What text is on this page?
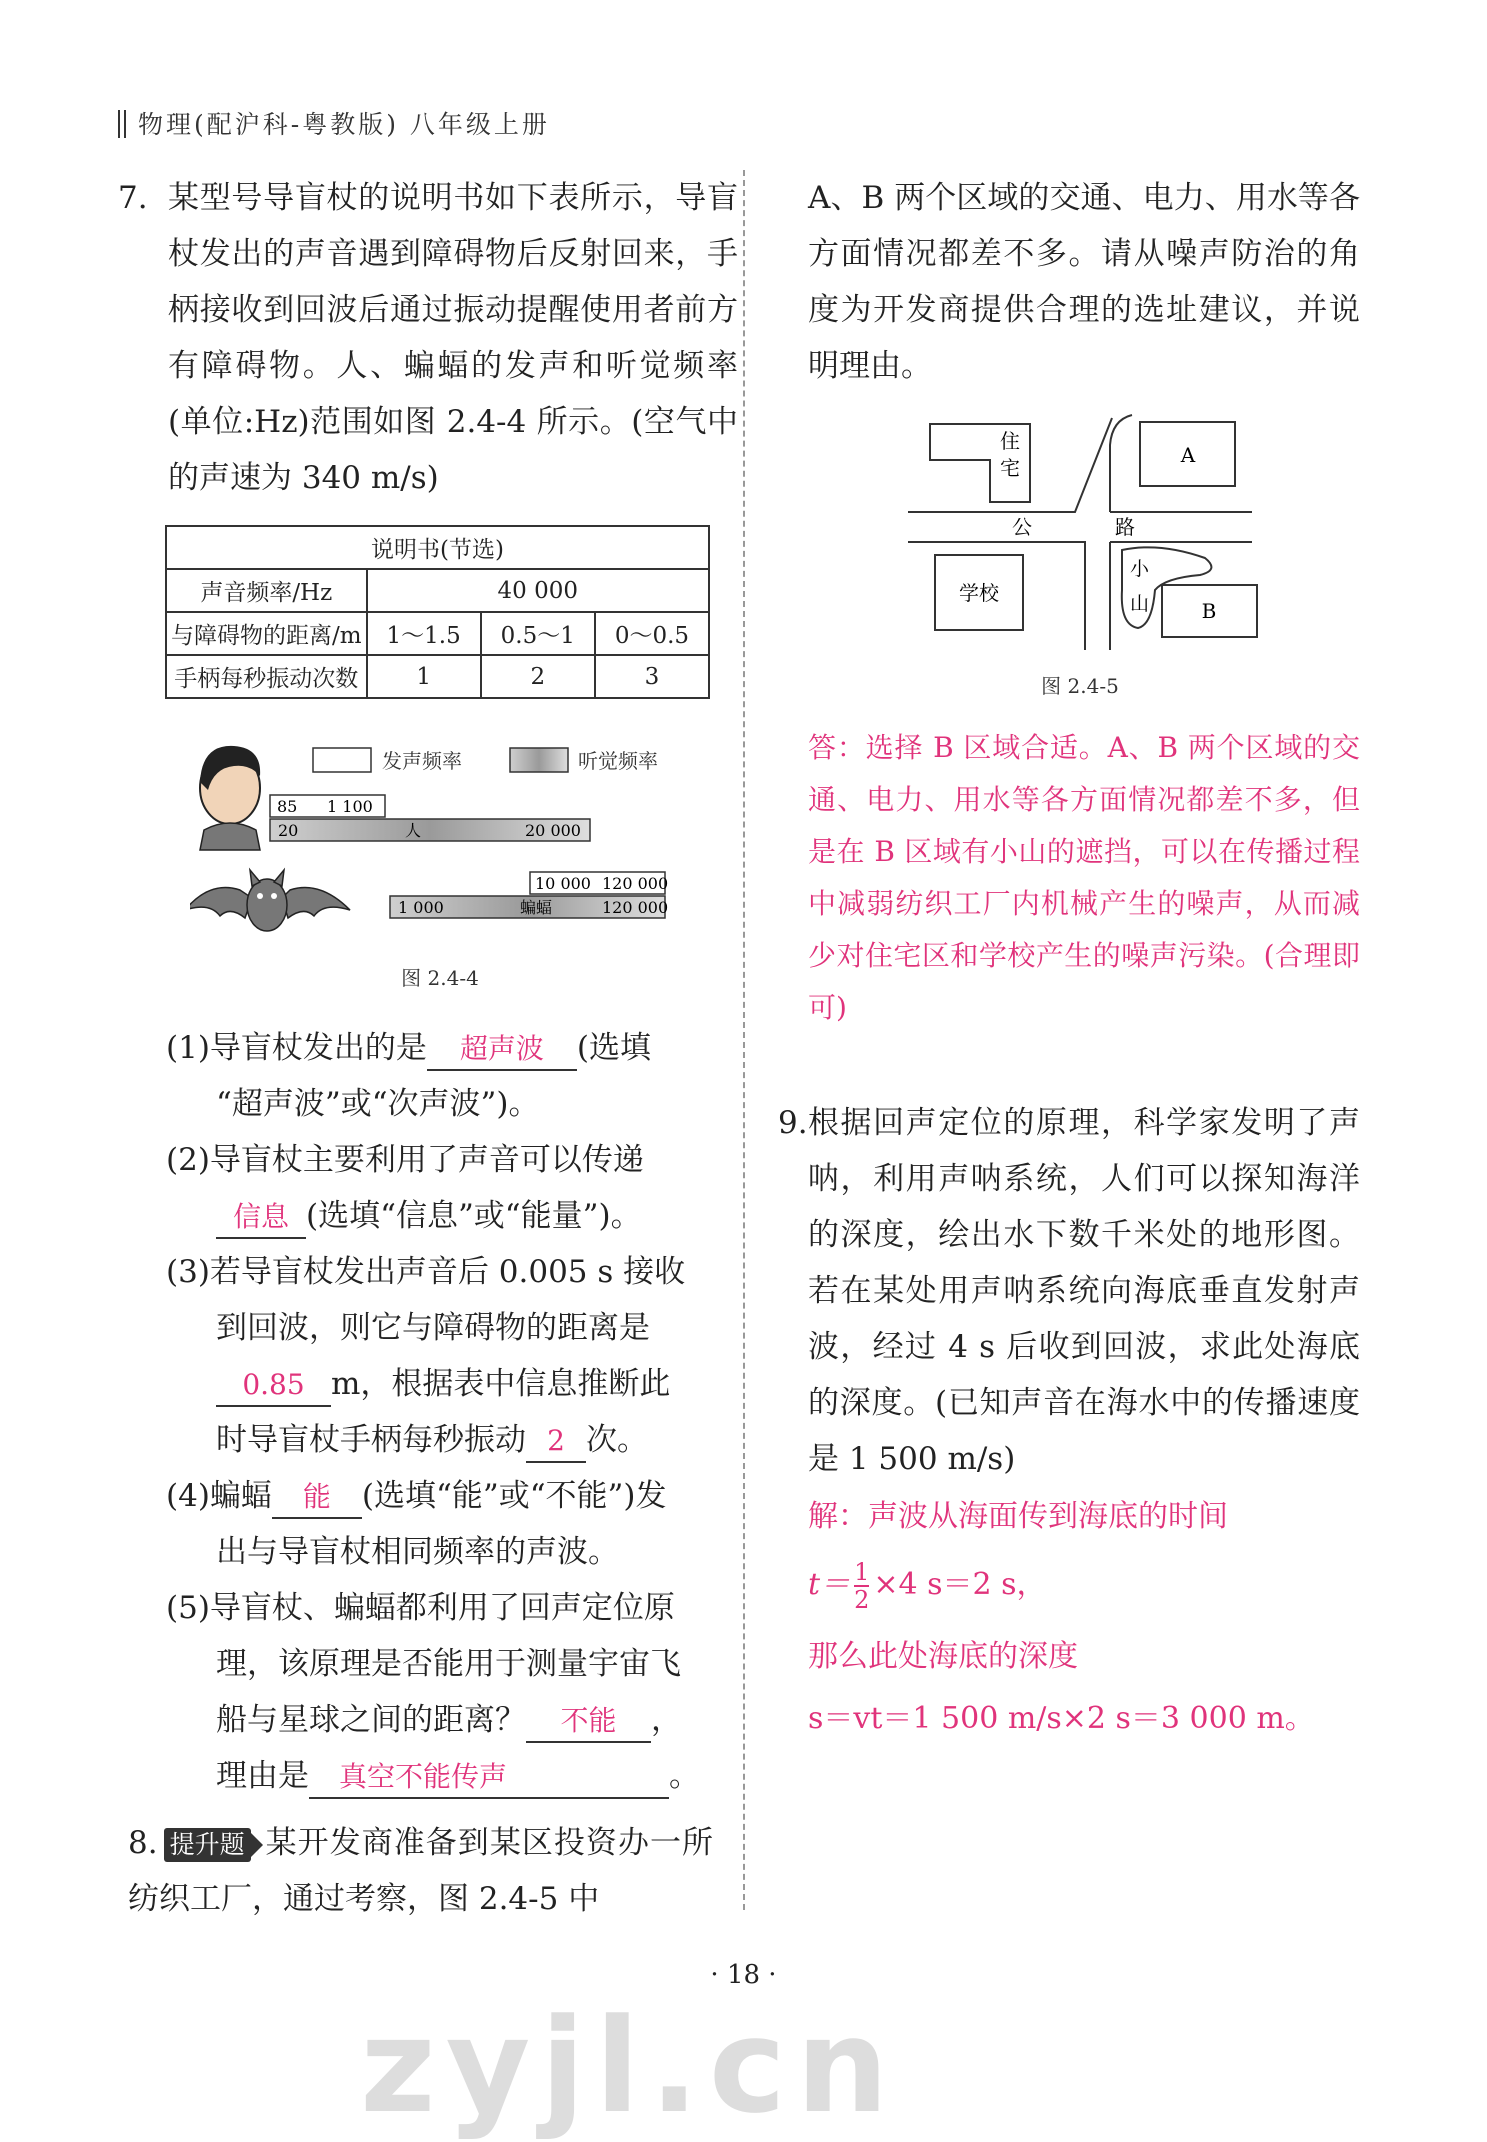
物理(配沪科-粤教版) 八年级上册
7. 某型号导盲杖的说明书如下表所示，导盲杖发出的声音遇到障碍物后反射回来，手柄接收到回波后通过振动提醒使用者前方有障碍物。人、蝙蝠的发声和听觉频率(单位:Hz)范围如图 2.4-4 所示。(空气中的声速为 340 m/s)

说明书(节选)			
声音频率/Hz	40 000		
与障碍物的距离/m	1～1.5	0.5～1	0～0.5
手柄每秒振动次数	1	2	3
发声频率	听觉频率
85 1 100
20	人	20 000
10 000 120 000
1 000	蝙蝠	120 000
图 2.4-4

(1)导盲杖发出的是 超声波 (选填

“超声波”或“次声波”)。

(2)导盲杖主要利用了声音可以传递

信息 (选填“信息”或“能量”)。

(3)若导盲杖发出声音后 0.005 s 接收

到回波，则它与障碍物的距离是

0.85 m，根据表中信息推断此

时导盲杖手柄每秒振动 2 次。

(4)蝙蝠 能 (选填“能”或“不能”)发

出与导盲杖相同频率的声波。

(5)导盲杖、蝙蝠都利用了回声定位原

理，该原理是否能用于测量宇宙飞

船与星球之间的距离？ 不能 ，

理由是 真空不能传声	。

8. 提升题 某开发商准备到某区投资办一所纺织工厂，通过考察，图 2.4-5 中

A、B 两个区域的交通、电力、用水等各方面情况都差不多。请从噪声防治的角度为开发商提供合理的选址建议，并说明理由。

住
宅
A
公	路
学校
小
山	B
图 2.4-5

答：选择 B 区域合适。A、B 两个区域的交通、电力、用水等各方面情况都差不多，但是在 B 区域有小山的遮挡，可以在传播过程中减弱纺织工厂内机械产生的噪声，从而减少对住宅区和学校产生的噪声污染。(合理即可)

9. 根据回声定位的原理，科学家发明了声呐，利用声呐系统，人们可以探知海洋的深度，绘出水下数千米处的地形图。若在某处用声呐系统向海底垂直发射声波，经过 4 s 后收到回波，求此处海底的深度。(已知声音在海水中的传播速度是 1 500 m/s)

解：声波从海面传到海底的时间

$t= \frac{1}{2} \times 4$ s＝2 s，

那么此处海底的深度

s＝vt＝1 500 m/s×2 s＝3 000 m。

· 18 ·
zyjl.cn
